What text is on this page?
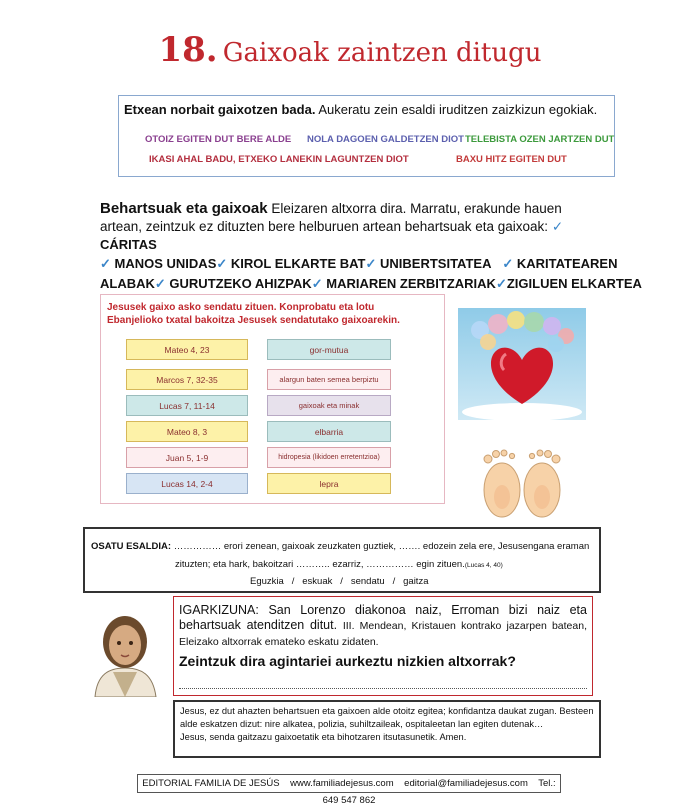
18. Gaixoak zaintzen ditugu
Etxean norbait gaixotzen bada. Aukeratu zein esaldi iruditzen zaizkizun egokiak.
OTOIZ EGITEN DUT BERE ALDE NOLA DAGOEN GALDETZEN DIOT TELEBISTA OZEN JARTZEN DUT
IKASI AHAL BADU, ETXEKO LANEKIN LAGUNTZEN DIOT	BAXU HITZ EGITEN DUT
Behartsuak eta gaixoak Eleizaren altxorra dira. Marratu, erakunde hauen artean, zeintzuk ez dituzten bere helburuen artean behartsuak eta gaixoak: ✓ CÁRITAS
✓ MANOS UNIDAS✓ KIROL ELKARTE BAT✓ UNIBERTSITATEA ✓ KARITATEAREN
ALABAK✓ GURUTZEKO AHIZPAK✓ MARIAREN ZERBITZARIAK✓ZIGILUEN ELKARTEA
Jesusek gaixo asko sendatu zituen. Konprobatu eta lotu
Ebanjelioko txatal bakoitza Jesusek sendatutako gaixoarekin.
Mateo 4, 23
Marcos 7, 32-35
Lucas 7, 11-14
Mateo 8, 3
Juan 5, 1-9
Lucas 14, 2-4
gor-mutua
alargun baten semea berpiztu
gaixoak eta minak
elbarria
hidropesia (likidoen erretentzioa)
lepra
OSATU ESALDIA: …………… erori zenean, gaixoak zeuzkaten guztiek, ……. edozein zela ere, Jesusengana eraman
zituzten; eta hark, bakoitzari ……….. ezarriz, …………… egin zituen.(Lucas 4, 40)
Eguzkia   /   eskuak   /   sendatu   /   gaitza
IGARKIZUNA: San Lorenzo diakonoa naiz, Erroman bizi naiz eta behartsuak atenditzen ditut. III. Mendean, Kristauen kontrako jazarpen batean, Eleizako altxorrak emateko eskatu zidaten.
Zeintzuk dira agintariei aurkeztu nizkien altxorrak?
Jesus, ez dut ahazten behartsuen eta gaixoen alde otoitz egitea; konfidantza daukat zugan. Besteen
alde eskatzen dizut: nire alkatea, polizia, suhiltzaileak, ospitaleetan lan egiten dutenak…
Jesus, senda gaitzazu gaixoetatik eta bihotzaren itsutasunetik. Amen.
EDITORIAL FAMILIA DE JESÚS www.familiadejesus.com editorial@familiadejesus.com Tel.: 649 547 862
